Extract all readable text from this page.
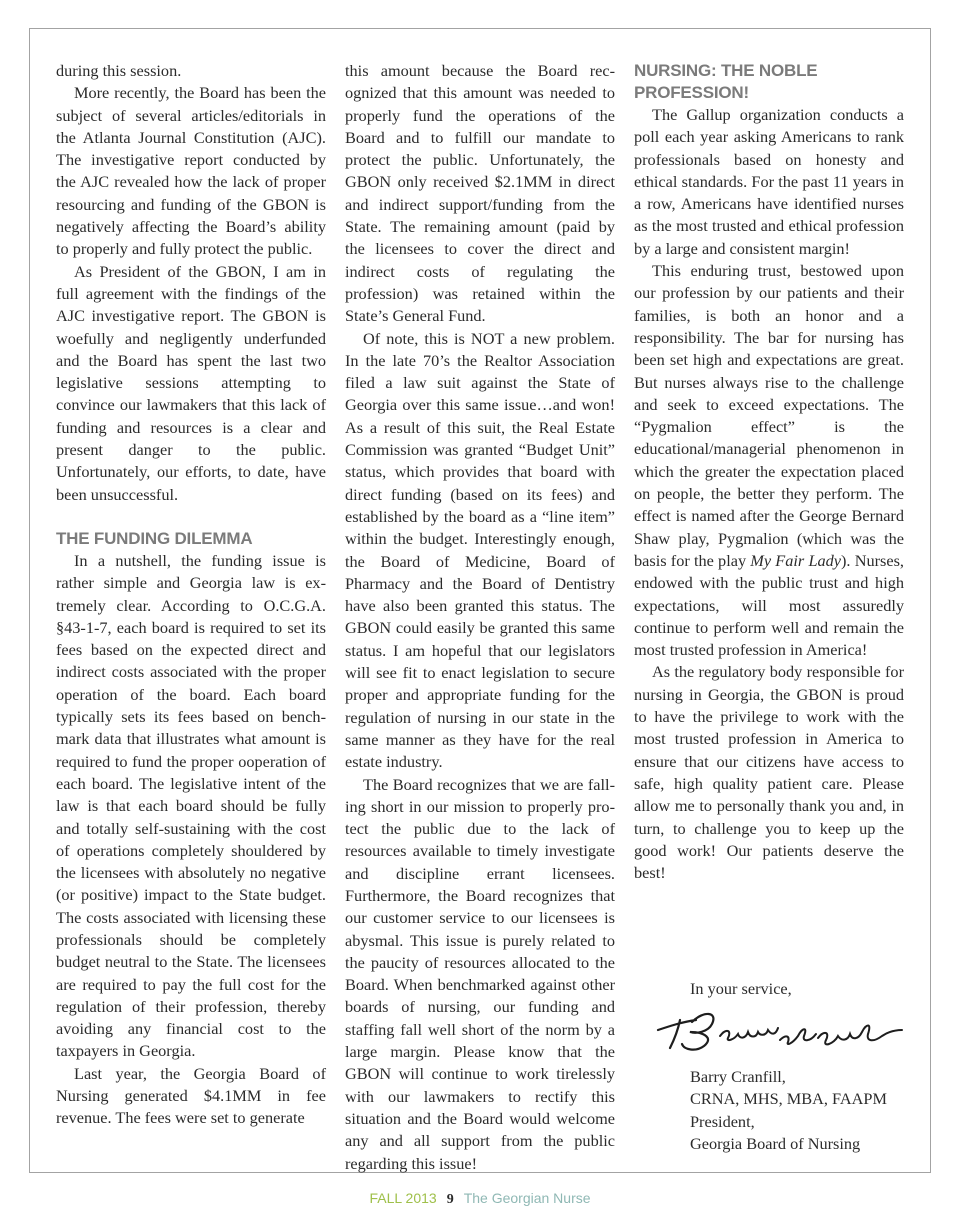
during this session.

More recently, the Board has been the subject of several articles/editorials in the Atlanta Journal Constitution (AJC). The investigative report conducted by the AJC revealed how the lack of proper resourcing and funding of the GBON is negatively affecting the Board’s ability to properly and fully protect the public.

As President of the GBON, I am in full agreement with the findings of the AJC investigative report. The GBON is woefully and negligently underfunded and the Board has spent the last two legislative sessions attempting to convince our lawmakers that this lack of funding and resources is a clear and present danger to the public. Unfortunately, our efforts, to date, have been unsuccessful.

THE FUNDING DILEMMA

In a nutshell, the funding issue is rather simple and Georgia law is extremely clear. According to O.C.G.A. §43-1-7, each board is required to set its fees based on the expected direct and indirect costs associated with the proper operation of the board. Each board typically sets its fees based on benchmark data that illustrates what amount is required to fund the proper ooperation of each board. The legislative intent of the law is that each board should be fully and totally self-sustaining with the cost of operations completely shouldered by the licensees with absolutely no negative (or positive) impact to the State budget. The costs associated with licensing these professionals should be completely budget neutral to the State. The licensees are required to pay the full cost for the regulation of their profession, thereby avoiding any financial cost to the taxpayers in Georgia.

Last year, the Georgia Board of Nursing generated $4.1MM in fee revenue. The fees were set to generate

this amount because the Board recognized that this amount was needed to properly fund the operations of the Board and to fulfill our mandate to protect the public. Unfortunately, the GBON only received $2.1MM in direct and indirect support/funding from the State. The remaining amount (paid by the licensees to cover the direct and indirect costs of regulating the profession) was retained within the State’s General Fund.

Of note, this is NOT a new problem. In the late 70’s the Realtor Association filed a law suit against the State of Georgia over this same issue…and won! As a result of this suit, the Real Estate Commission was granted “Budget Unit” status, which provides that board with direct funding (based on its fees) and established by the board as a “line item” within the budget. Interestingly enough, the Board of Medicine, Board of Pharmacy and the Board of Dentistry have also been granted this status. The GBON could easily be granted this same status. I am hopeful that our legislators will see fit to enact legislation to secure proper and appropriate funding for the regulation of nursing in our state in the same manner as they have for the real estate industry.

The Board recognizes that we are falling short in our mission to properly protect the public due to the lack of resources available to timely investigate and discipline errant licensees. Furthermore, the Board recognizes that our customer service to our licensees is abysmal. This issue is purely related to the paucity of resources allocated to the Board. When benchmarked against other boards of nursing, our funding and staffing fall well short of the norm by a large margin. Please know that the GBON will continue to work tirelessly with our lawmakers to rectify this situation and the Board would welcome any and all support from the public regarding this issue!

NURSING: THE NOBLE PROFESSION!

The Gallup organization conducts a poll each year asking Americans to rank professionals based on honesty and ethical standards. For the past 11 years in a row, Americans have identified nurses as the most trusted and ethical profession by a large and consistent margin!

This enduring trust, bestowed upon our profession by our patients and their families, is both an honor and a responsibility. The bar for nursing has been set high and expectations are great. But nurses always rise to the challenge and seek to exceed expectations. The “Pygmalion effect” is the educational/managerial phenomenon in which the greater the expectation placed on people, the better they perform. The effect is named after the George Bernard Shaw play, Pygmalion (which was the basis for the play My Fair Lady). Nurses, endowed with the public trust and high expectations, will most assuredly continue to perform well and remain the most trusted profession in America!

As the regulatory body responsible for nursing in Georgia, the GBON is proud to have the privilege to work with the most trusted profession in America to ensure that our citizens have access to safe, high quality patient care. Please allow me to personally thank you and, in turn, to challenge you to keep up the good work! Our patients deserve the best!

In your service,
Barry Cranfill,
CRNA, MHS, MBA, FAAPM
President,
Georgia Board of Nursing
FALL 2013 9 The Georgian Nurse
